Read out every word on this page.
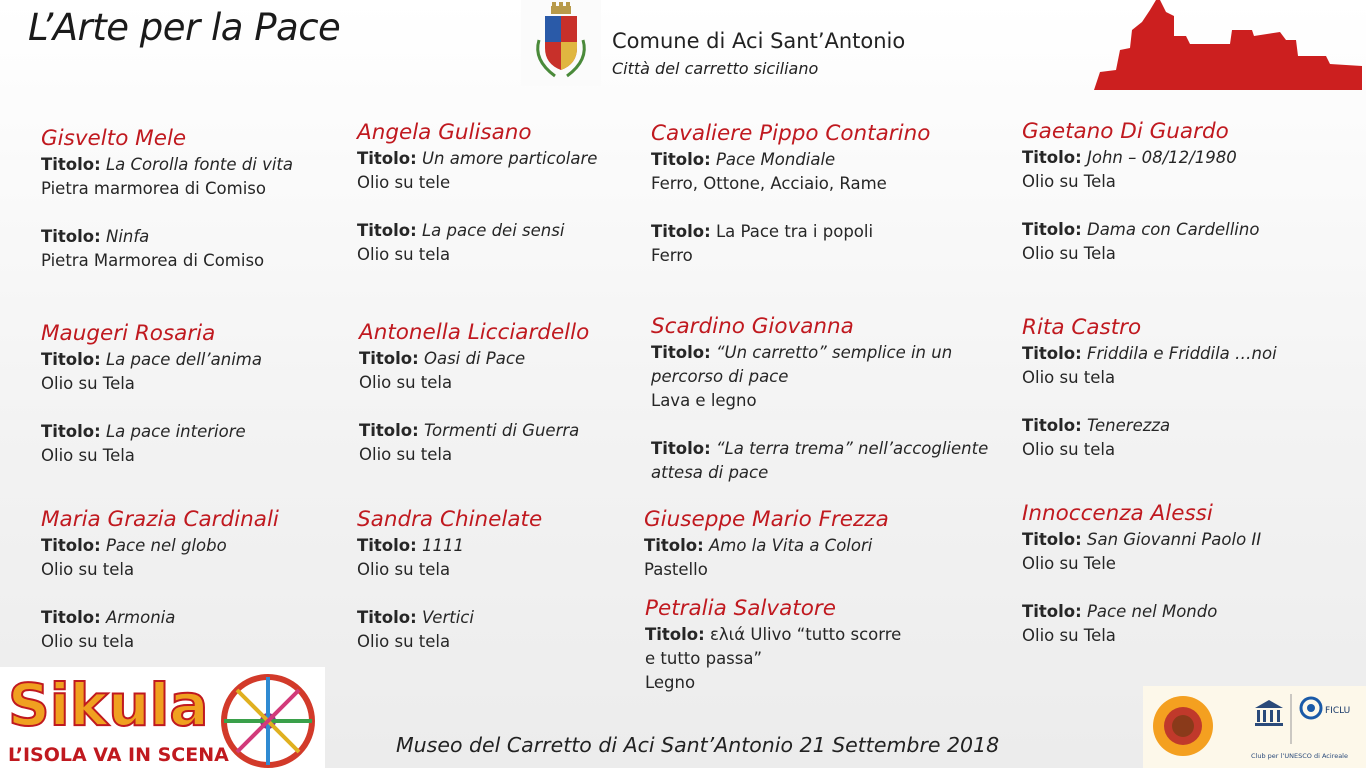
L’Arte per la Pace	Comune di Aci Sant’Antonio
Città del carretto siciliano
Gisvelto Mele
Titolo: La Corolla fonte di vita
Pietra marmorea di Comiso
Titolo: Ninfa
Pietra Marmorea di Comiso
Angela Gulisano
Titolo: Un amore particolare
Olio su tele
Titolo: La pace dei sensi
Olio su tela
Cavaliere Pippo Contarino
Titolo: Pace Mondiale
Ferro, Ottone, Acciaio, Rame
Titolo: La Pace tra i popoli
Ferro
Gaetano Di Guardo
Titolo: John – 08/12/1980
Olio su Tela
Titolo: Dama con Cardellino
Olio su Tela
Maugeri Rosaria
Titolo: La pace dell’anima
Olio su Tela
Titolo: La pace interiore
Olio su Tela
Antonella Licciardello
Titolo: Oasi di Pace
Olio su tela
Titolo: Tormenti di Guerra
Olio su tela
Scardino Giovanna
Titolo: “Un carretto” semplice in un
percorso di pace
Lava e legno
Titolo: “La terra trema” nell’accogliente
attesa di pace
Rita Castro
Titolo: Friddila e Friddila …noi
Olio su tela
Titolo: Tenerezza
Olio su tela
Maria Grazia Cardinali
Titolo: Pace nel globo
Olio su tela
Titolo: Armonia
Olio su tela
Sandra Chinelate
Titolo: 1111
Olio su tela
Titolo: Vertici
Olio su tela
Giuseppe Mario Frezza
Titolo: Amo la Vita a Colori
Pastello
Petralia Salvatore
Titolo: ελιά Ulivo “tutto scorre
e tutto passa”
Legno
Innoccenza Alessi
Titolo: San Giovanni Paolo II
Olio su Tele
Titolo: Pace nel Mondo
Olio su Tela
Sikula
L’ISOLA VA IN SCENA	Museo del Carretto di Aci Sant’Antonio 21 Settembre 2018
FICLU
Club per l’UNESCO di Acireale
